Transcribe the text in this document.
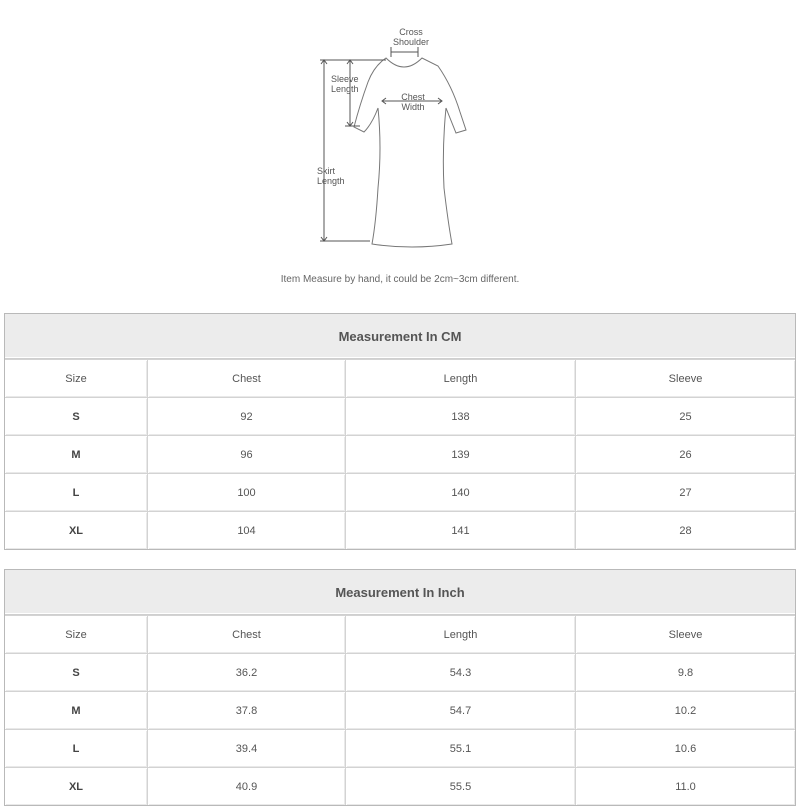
Cross Shoulder
Sleeve Length
Chest Width
Skirt Length
Item Measure by hand, it could be 2cm~3cm different.
Measurement In CM
Size	Chest	Length	Sleeve
S	92	138	25
M	96	139	26
L	100	140	27
XL	104	141	28
Measurement In Inch
Size	Chest	Length	Sleeve
S	36.2	54.3	9.8
M	37.8	54.7	10.2
L	39.4	55.1	10.6
XL	40.9	55.5	11.0
